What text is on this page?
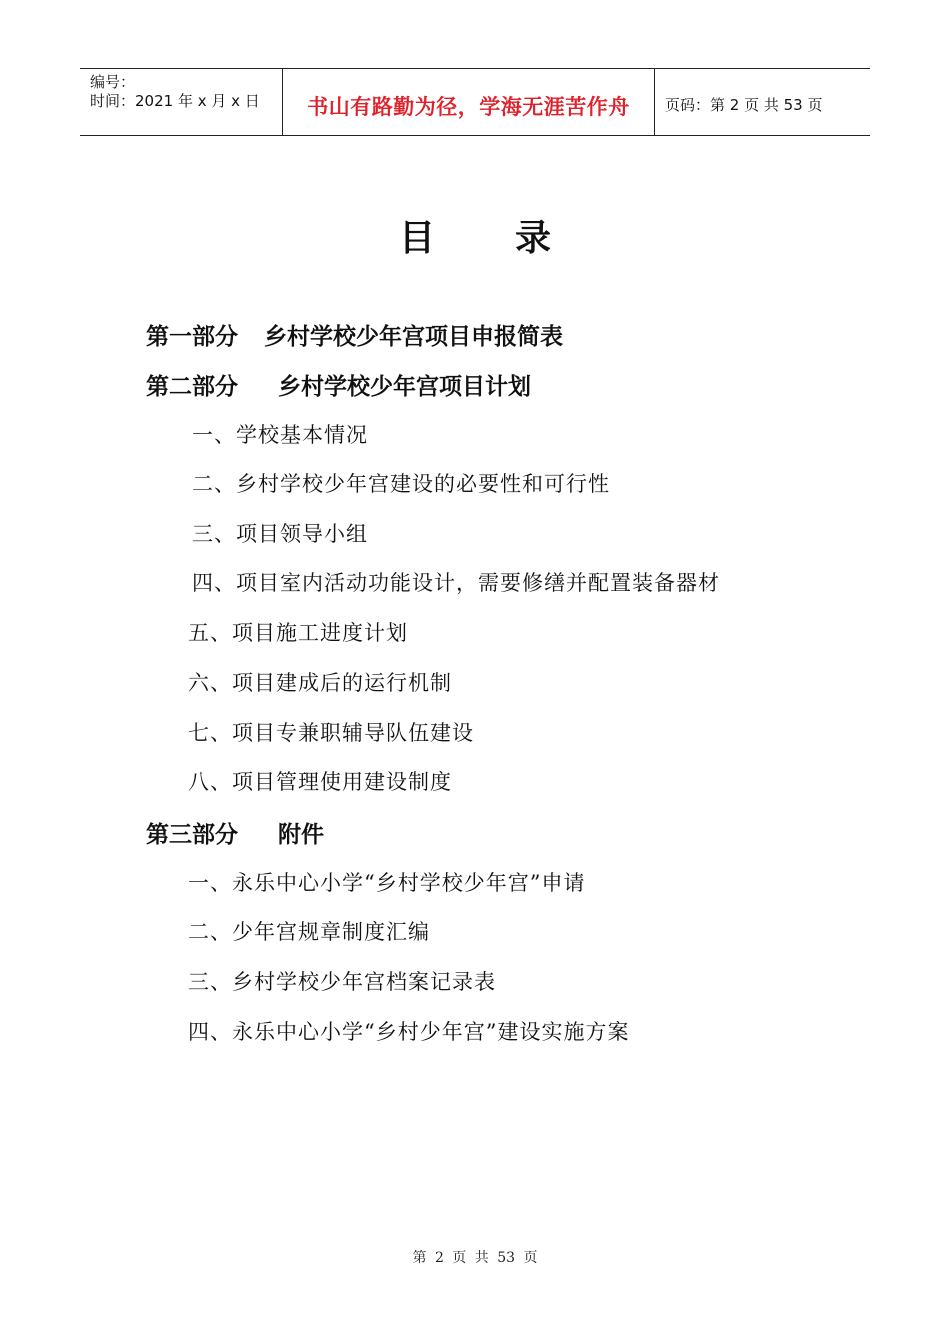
编号：
时间：2021 年 x 月 x 日	书山有路勤为径，学海无涯苦作舟	页码：第 2 页 共 53 页
目录
第一部分 乡村学校少年宫项目申报简表
第二部分 乡村学校少年宫项目计划
一、学校基本情况
二、乡村学校少年宫建设的必要性和可行性
三、项目领导小组
四、项目室内活动功能设计，需要修缮并配置装备器材
五、项目施工进度计划
六、项目建成后的运行机制
七、项目专兼职辅导队伍建设
八、项目管理使用建设制度
第三部分 附件
一、永乐中心小学“乡村学校少年宫”申请
二、少年宫规章制度汇编
三、乡村学校少年宫档案记录表
四、永乐中心小学“乡村少年宫”建设实施方案
第 2 页 共 53 页
